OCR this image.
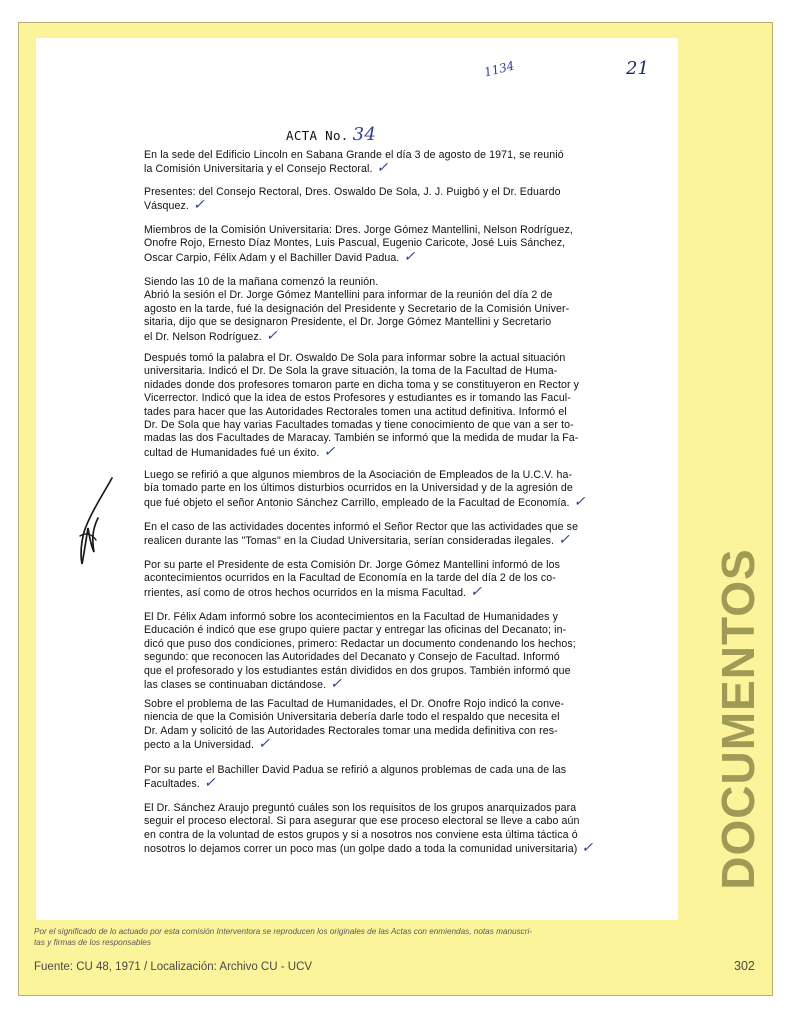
1134	21
ACTA No. 34

En la sede del Edificio Lincoln en Sabana Grande el día 3 de agosto de 1971, se reunió
la Comisión Universitaria y el Consejo Rectoral. ✓

Presentes: del Consejo Rectoral, Dres. Oswaldo De Sola, J. J. Puigbó y el Dr. Eduardo
Vásquez. ✓

Miembros de la Comisión Universitaria: Dres. Jorge Gómez Mantellini, Nelson Rodríguez,
Onofre Rojo, Ernesto Díaz Montes, Luis Pascual, Eugenio Caricote, José Luis Sánchez,
Oscar Carpio, Félix Adam y el Bachiller David Padua. ✓

Siendo las 10 de la mañana comenzó la reunión.
Abrió la sesión el Dr. Jorge Gómez Mantellini para informar de la reunión del día 2 de
agosto en la tarde, fué la designación del Presidente y Secretario de la Comisión Univer-
sitaria, dijo que se designaron Presidente, el Dr. Jorge Gómez Mantellini y Secretario
el Dr. Nelson Rodríguez. ✓

Después tomó la palabra el Dr. Oswaldo De Sola para informar sobre la actual situación
universitaria. Indicó el Dr. De Sola la grave situación, la toma de la Facultad de Huma-
nidades donde dos profesores tomaron parte en dicha toma y se constituyeron en Rector y
Vicerrector. Indicó que la idea de estos Profesores y estudiantes es ir tomando las Facul-
tades para hacer que las Autoridades Rectorales tomen una actitud definitiva. Informó el
Dr. De Sola que hay varias Facultades tomadas y tiene conocimiento de que van a ser to-
madas las dos Facultades de Maracay. También se informó que la medida de mudar la Fa-
cultad de Humanidades fué un éxito. ✓

Luego se refirió a que algunos miembros de la Asociación de Empleados de la U.C.V. ha-
bía tomado parte en los últimos disturbios ocurridos en la Universidad y de la agresión de
que fué objeto el señor Antonio Sánchez Carrillo, empleado de la Facultad de Economía. ✓

En el caso de las actividades docentes informó el Señor Rector que las actividades que se
realicen durante las "Tomas" en la Ciudad Universitaria, serían consideradas ilegales. ✓

Por su parte el Presidente de esta Comisión Dr. Jorge Gómez Mantellini informó de los
acontecimientos ocurridos en la Facultad de Economía en la tarde del día 2 de los co-
rrientes, así como de otros hechos ocurridos en la misma Facultad. ✓

El Dr. Félix Adam informó sobre los acontecimientos en la Facultad de Humanidades y
Educación é indicó que ese grupo quiere pactar y entregar las oficinas del Decanato; in-
dicó que puso dos condiciones, primero: Redactar un documento condenando los hechos;
segundo: que reconocen las Autoridades del Decanato y Consejo de Facultad. Informó
que el profesorado y los estudiantes están divididos en dos grupos. También informó que
las clases se continuaban dictándose. ✓

Sobre el problema de las Facultad de Humanidades, el Dr. Onofre Rojo indicó la conve-
niencia de que la Comisión Universitaria debería darle todo el respaldo que necesita el
Dr. Adam y solicitó de las Autoridades Rectorales tomar una medida definitiva con res-
pecto a la Universidad. ✓

Por su parte el Bachiller David Padua se refirió a algunos problemas de cada una de las
Facultades. ✓

El Dr. Sánchez Araujo preguntó cuáles son los requisitos de los grupos anarquizados para
seguir el proceso electoral. Si para asegurar que ese proceso electoral se lleve a cabo aún
en contra de la voluntad de estos grupos y si a nosotros nos conviene esta última táctica ó
nosotros lo dejamos correr un poco mas (un golpe dado a toda la comunidad universitaria) ✓

Por el significado de lo actuado por esta comisión Interventora se reproducen los originales de las Actas con enmiendas, notas manuscri-
tas y firmas de los responsables

Fuente: CU 48, 1971 / Localización: Archivo CU - UCV	302
DOCUMENTOS
